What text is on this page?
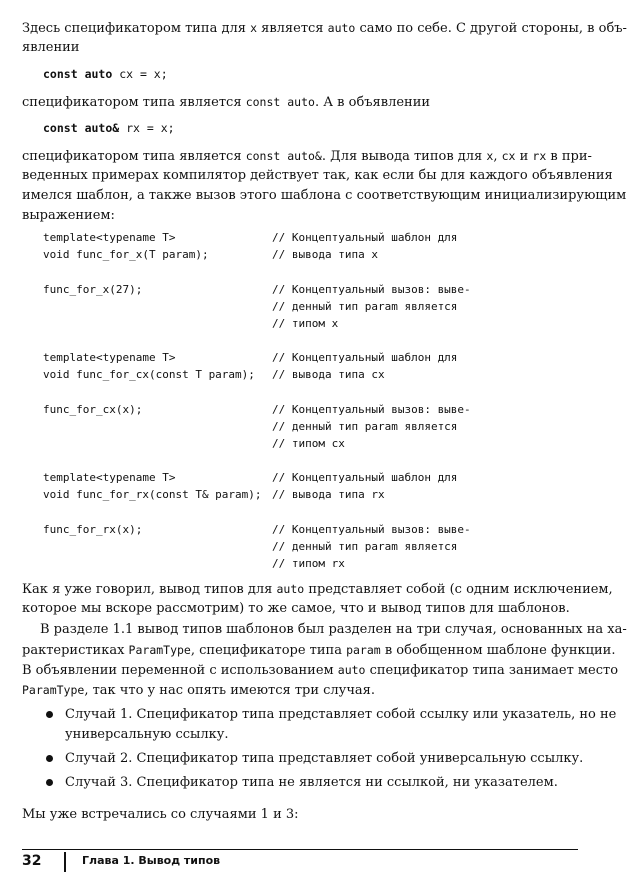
Здесь спецификатором типа для x является auto само по себе. С другой стороны, в объ-
явлении
const auto cx = x;
спецификатором типа является const auto. А в объявлении
const auto& rx = x;
спецификатором типа является const auto&. Для вывода типов для x, cx и rx в при-
веденных примерах компилятор действует так, как если бы для каждого объявления
имелся шаблон, а также вызов этого шаблона с соответствующим инициализирующим
выражением:
template<typename T>	// Концептуальный шаблон для
void func_for_x(T param);	// вывода типа x
func_for_x(27);	// Концептуальный вызов: выве-
// денный тип param является
// типом x
template<typename T>	// Концептуальный шаблон для
void func_for_cx(const T param);	// вывода типа cx
func_for_cx(x);	// Концептуальный вызов: выве-
// денный тип param является
// типом cx
template<typename T>	// Концептуальный шаблон для
void func_for_rx(const T& param); // вывода типа rx
func_for_rx(x);	// Концептуальный вызов: выве-
// денный тип param является
// типом rx
Как я уже говорил, вывод типов для auto представляет собой (с одним исключением,
которое мы вскоре рассмотрим) то же самое, что и вывод типов для шаблонов.
В разделе 1.1 вывод типов шаблонов был разделен на три случая, основанных на ха-
рактеристиках ParamType, спецификаторе типа param в обобщенном шаблоне функции.
В объявлении переменной с использованием auto спецификатор типа занимает место
ParamType, так что у нас опять имеются три случая.
Случай 1. Спецификатор типа представляет собой ссылку или указатель, но не
универсальную ссылку.
Случай 2. Спецификатор типа представляет собой универсальную ссылку.
Случай 3. Спецификатор типа не является ни ссылкой, ни указателем.
Мы уже встречались со случаями 1 и 3:
32	Глава 1. Вывод типов
